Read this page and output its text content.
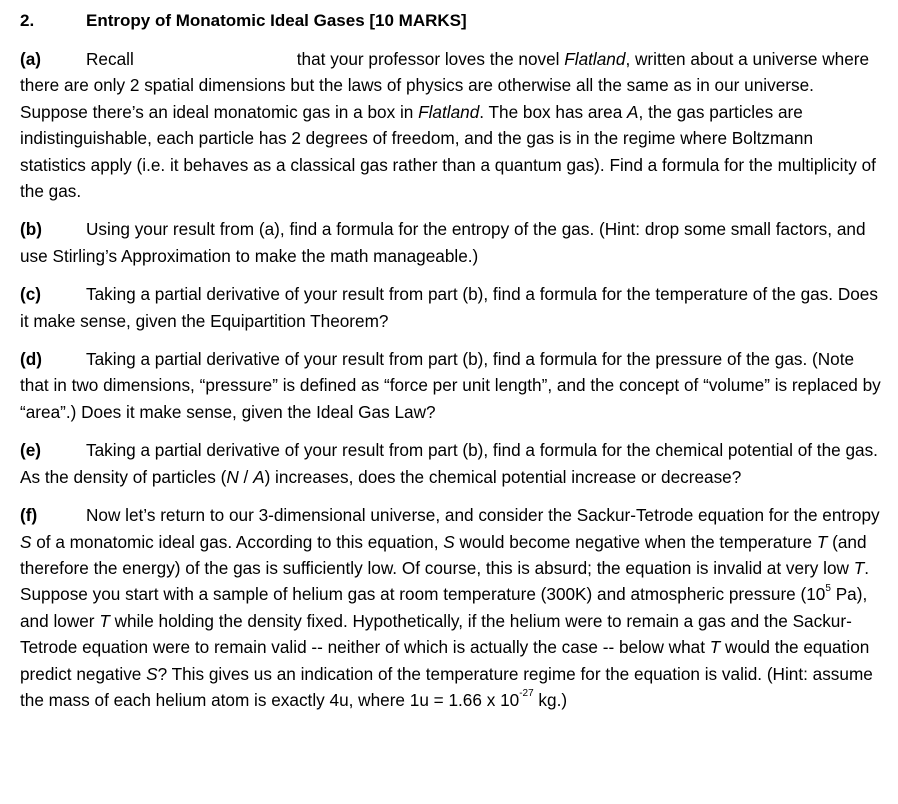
2.	Entropy of Monatomic Ideal Gases [10 MARKS]

(a)	Recall	that your professor loves the novel Flatland, written about a universe where there are only 2 spatial dimensions but the laws of physics are otherwise all the same as in our universe. Suppose there’s an ideal monatomic gas in a box in Flatland. The box has area A, the gas particles are indistinguishable, each particle has 2 degrees of freedom, and the gas is in the regime where Boltzmann statistics apply (i.e. it behaves as a classical gas rather than a quantum gas). Find a formula for the multiplicity of the gas.

(b)	Using your result from (a), find a formula for the entropy of the gas. (Hint: drop some small factors, and use Stirling’s Approximation to make the math manageable.)

(c)	Taking a partial derivative of your result from part (b), find a formula for the temperature of the gas. Does it make sense, given the Equipartition Theorem?

(d)	Taking a partial derivative of your result from part (b), find a formula for the pressure of the gas. (Note that in two dimensions, “pressure” is defined as “force per unit length”, and the concept of “volume” is replaced by “area”.) Does it make sense, given the Ideal Gas Law?

(e)	Taking a partial derivative of your result from part (b), find a formula for the chemical potential of the gas. As the density of particles (N / A) increases, does the chemical potential increase or decrease?

(f)	Now let’s return to our 3-dimensional universe, and consider the Sackur-Tetrode equation for the entropy S of a monatomic ideal gas. According to this equation, S would become negative when the temperature T (and therefore the energy) of the gas is sufficiently low. Of course, this is absurd; the equation is invalid at very low T. Suppose you start with a sample of helium gas at room temperature (300K) and atmospheric pressure ($10^5$ Pa), and lower T while holding the density fixed. Hypothetically, if the helium were to remain a gas and the Sackur-Tetrode equation were to remain valid -- neither of which is actually the case -- below what T would the equation predict negative S? This gives us an indication of the temperature regime for the equation is valid. (Hint: assume the mass of each helium atom is exactly 4u, where 1u = 1.66 x $10^{-27}$ kg.)
